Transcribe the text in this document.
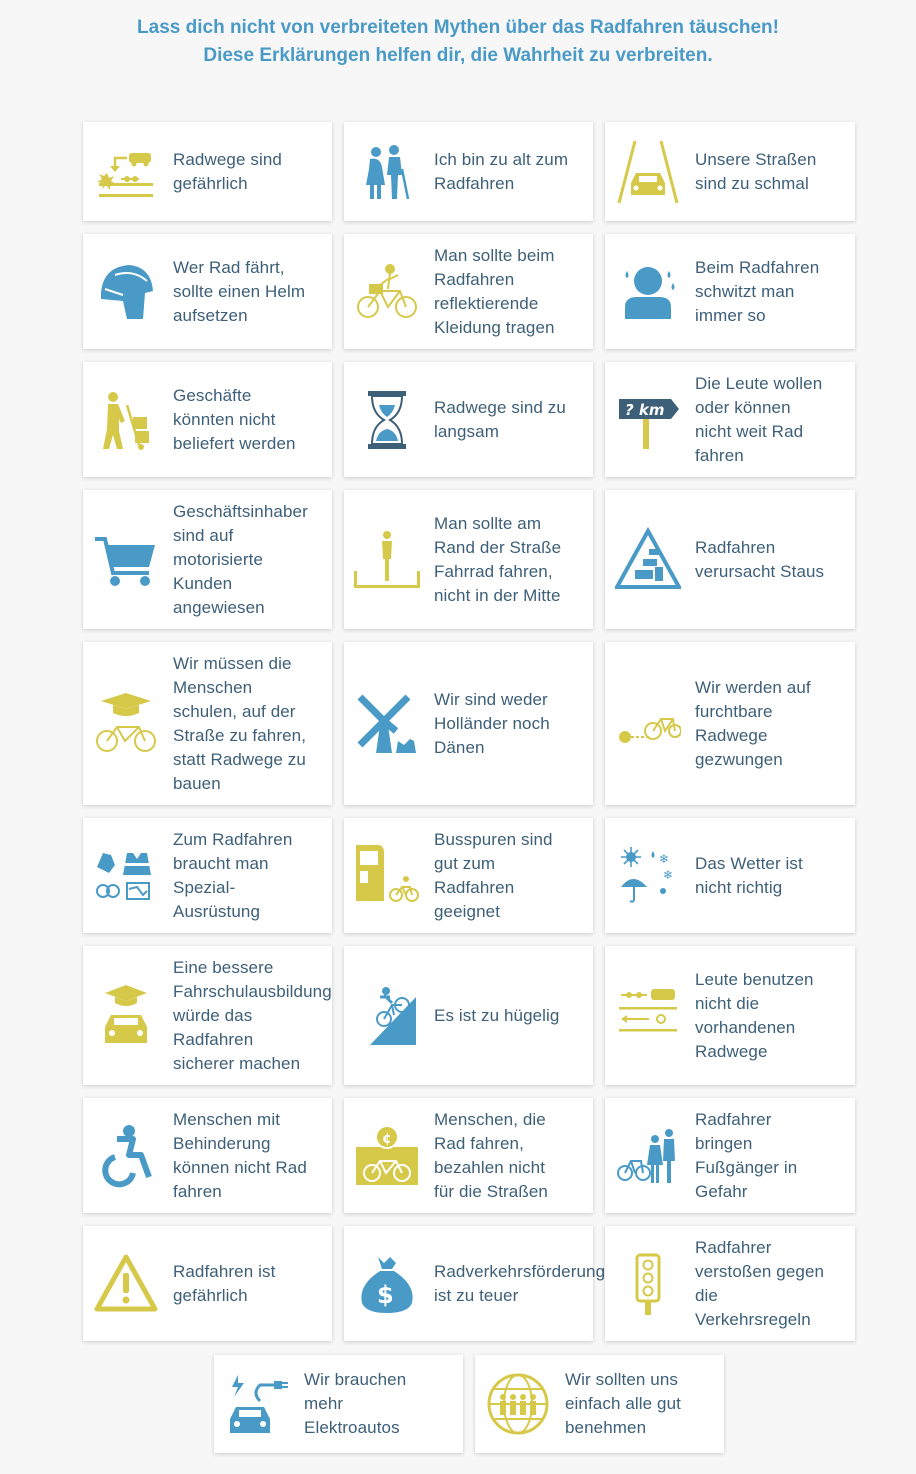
Lass dich nicht von verbreiteten Mythen über das Radfahren täuschen! Diese Erklärungen helfen dir, die Wahrheit zu verbreiten.
Radwege sind
gefährlich
Ich bin zu alt zum
Radfahren
Unsere Straßen
sind zu schmal
Wer Rad fährt,
sollte einen Helm
aufsetzen
Man sollte beim
Radfahren
reflektierende
Kleidung tragen
Beim Radfahren
schwitzt man
immer so
Geschäfte
könnten nicht
beliefert werden
Radwege sind zu
langsam
? km
Die Leute wollen
oder können
nicht weit Rad
fahren
Geschäftsinhaber
sind auf
motorisierte
Kunden
angewiesen
Man sollte am
Rand der Straße
Fahrrad fahren,
nicht in der Mitte
Radfahren
verursacht Staus
Wir müssen die
Menschen
schulen, auf der
Straße zu fahren,
statt Radwege zu
bauen
Wir sind weder
Holländer noch
Dänen
Wir werden auf
furchtbare
Radwege
gezwungen
Zum Radfahren
braucht man
Spezial-
Ausrüstung
Busspuren sind
gut zum
Radfahren
geeignet
❄
❄
Das Wetter ist
nicht richtig
Eine bessere
Fahrschulausbildung
würde das
Radfahren
sicherer machen
Es ist zu hügelig
Leute benutzen
nicht die
vorhandenen
Radwege
Menschen mit
Behinderung
können nicht Rad
fahren
¢
Menschen, die
Rad fahren,
bezahlen nicht
für die Straßen
Radfahrer
bringen
Fußgänger in
Gefahr
Radfahren ist
gefährlich	$
Radverkehrsförderung
ist zu teuer
Radfahrer
verstoßen gegen
die
Verkehrsregeln
Wir brauchen
mehr
Elektroautos
Wir sollten uns
einfach alle gut
benehmen
